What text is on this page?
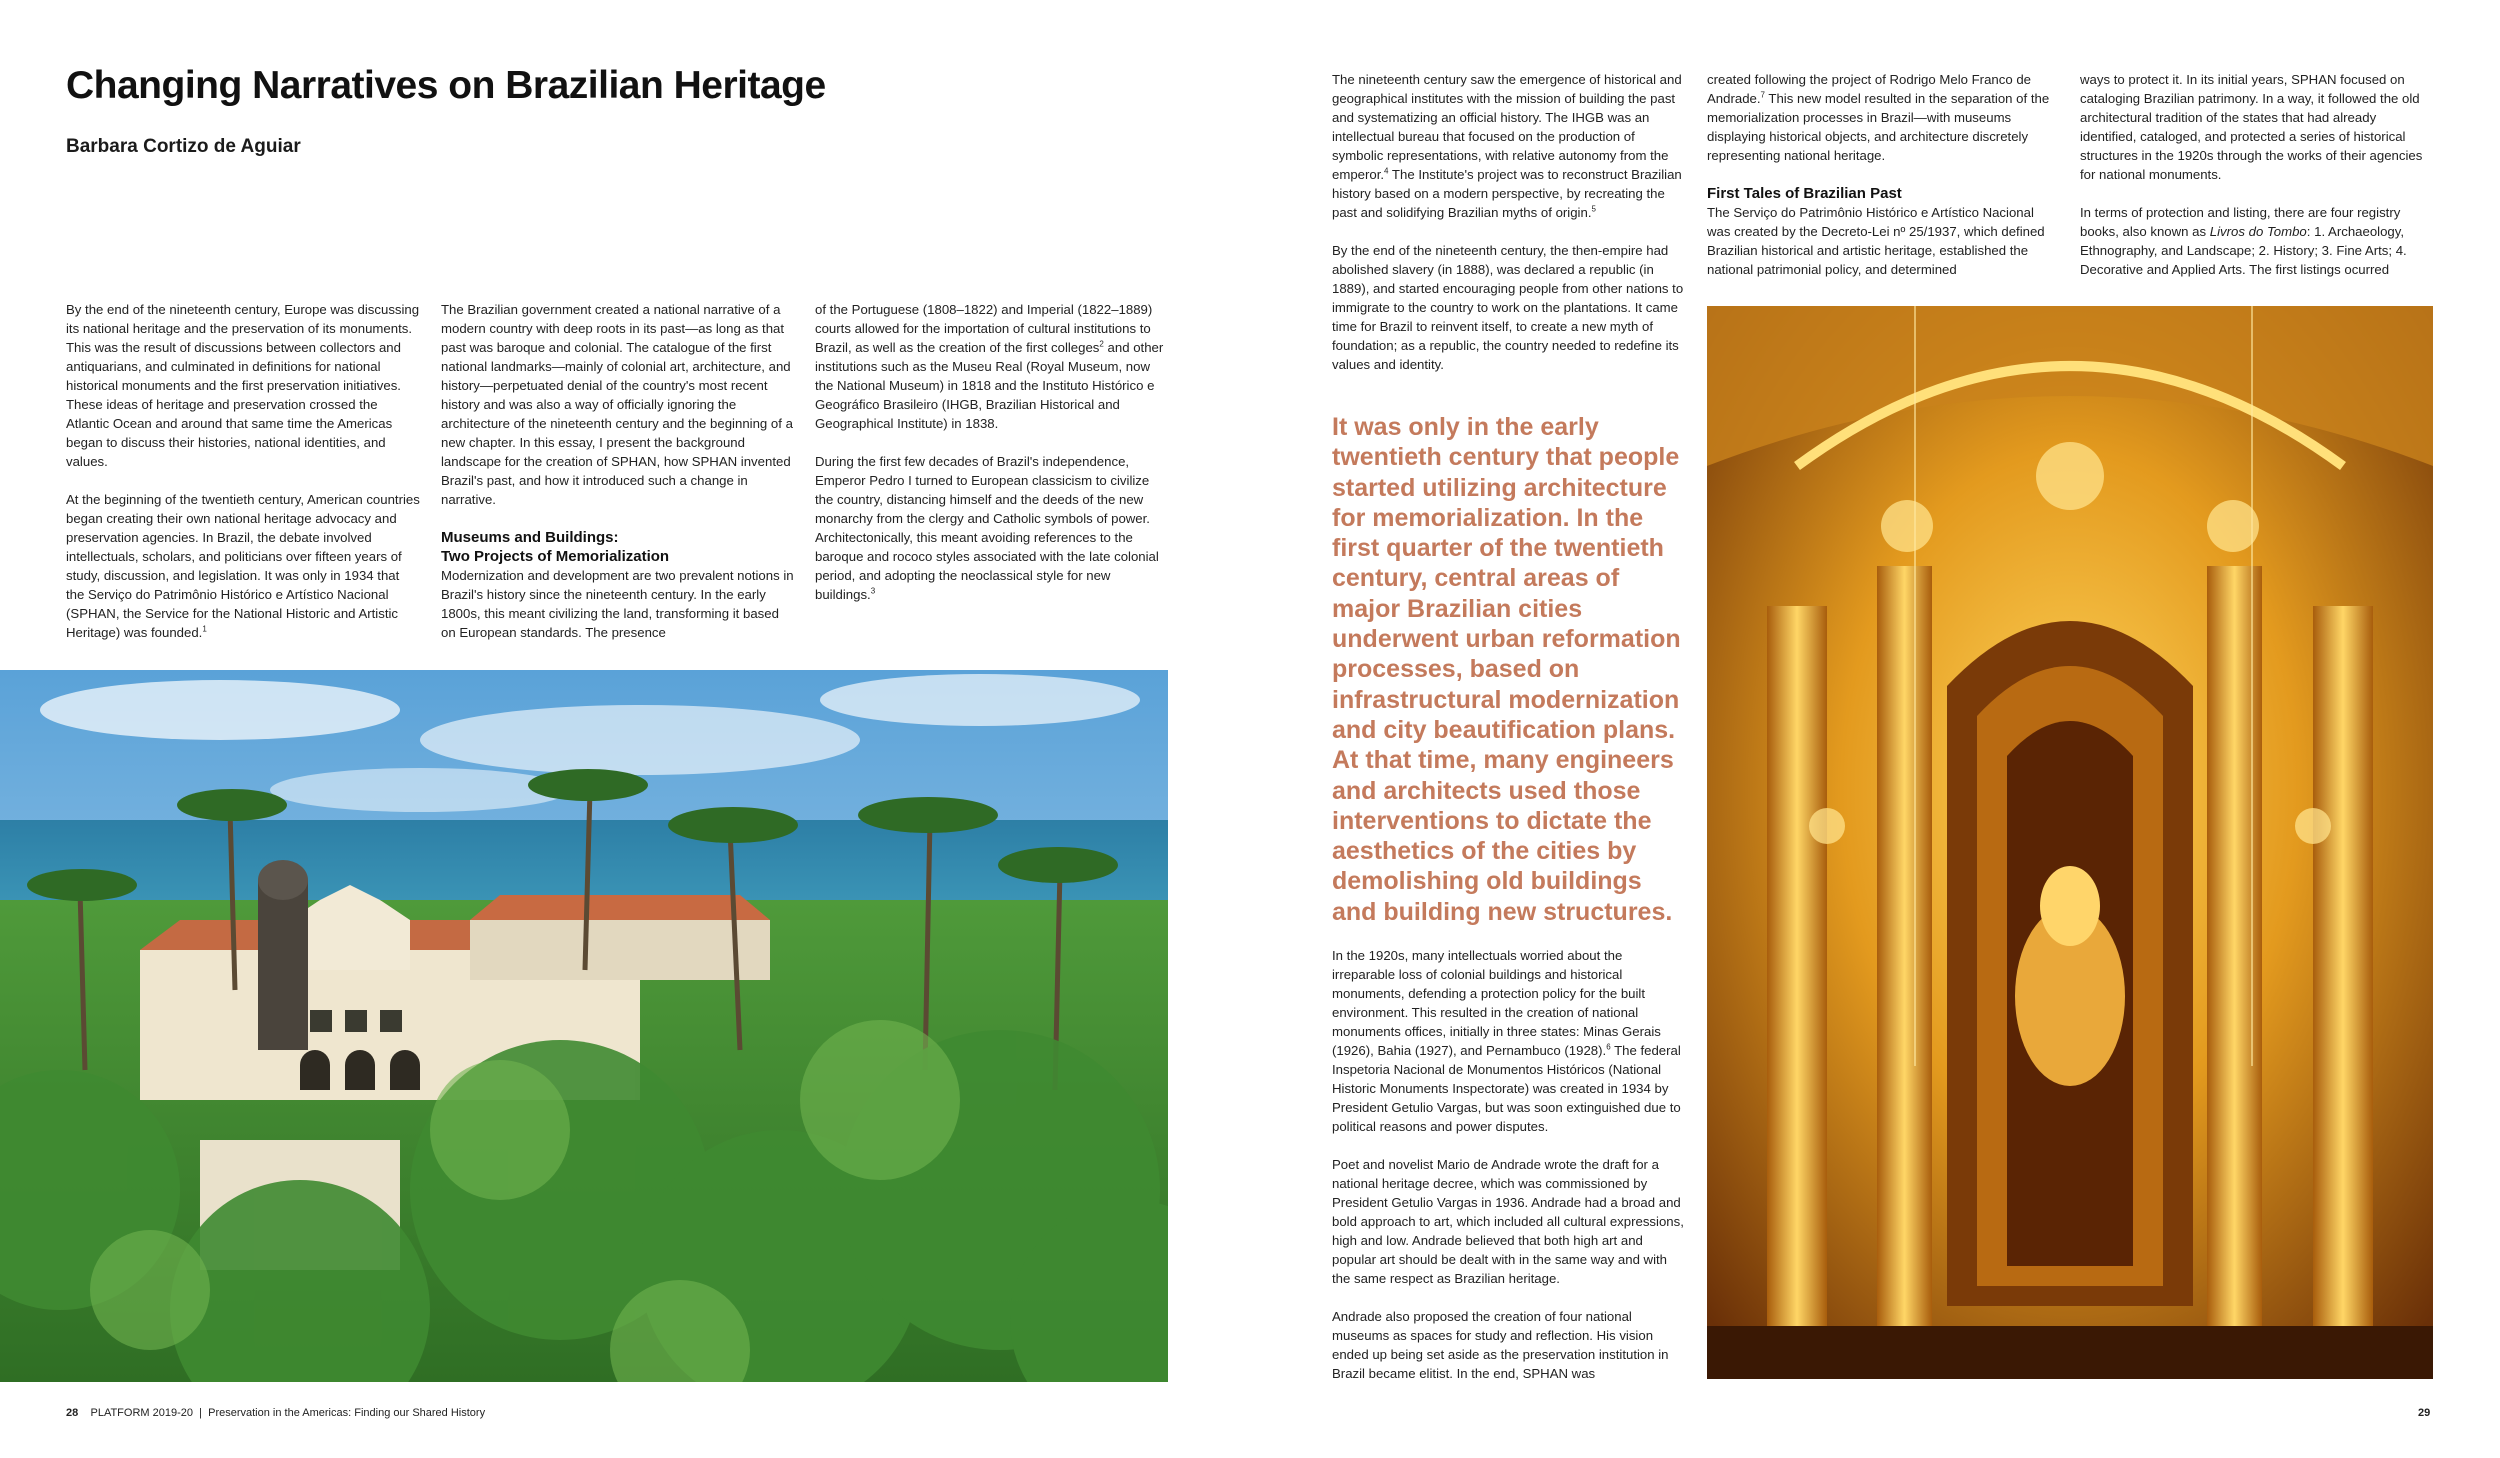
Changing Narratives on Brazilian Heritage
Barbara Cortizo de Aguiar

By the end of the nineteenth century, Europe was discussing its national heritage and the preservation of its monuments. This was the result of discussions between collectors and antiquarians, and culminated in definitions for national historical monuments and the first preservation initiatives. These ideas of heritage and preservation crossed the Atlantic Ocean and around that same time the Americas began to discuss their histories, national identities, and values.

At the beginning of the twentieth century, American countries began creating their own national heritage advocacy and preservation agencies. In Brazil, the debate involved intellectuals, scholars, and politicians over fifteen years of study, discussion, and legislation. It was only in 1934 that the Serviço do Patrimônio Histórico e Artístico Nacional (SPHAN, the Service for the National Historic and Artistic Heritage) was founded.$^1$

The Brazilian government created a national narrative of a modern country with deep roots in its past—as long as that past was baroque and colonial. The catalogue of the first national landmarks—mainly of colonial art, architecture, and history—perpetuated denial of the country's most recent history and was also a way of officially ignoring the architecture of the nineteenth century and the beginning of a new chapter. In this essay, I present the background landscape for the creation of SPHAN, how SPHAN invented Brazil's past, and how it introduced such a change in narrative.

Museums and Buildings:
Two Projects of Memorialization

Modernization and development are two prevalent notions in Brazil's history since the nineteenth century. In the early 1800s, this meant civilizing the land, transforming it based on European standards. The presence

of the Portuguese (1808–1822) and Imperial (1822–1889) courts allowed for the importation of cultural institutions to Brazil, as well as the creation of the first colleges$^2$ and other institutions such as the Museu Real (Royal Museum, now the National Museum) in 1818 and the Instituto Histórico e Geográfico Brasileiro (IHGB, Brazilian Historical and Geographical Institute) in 1838.

During the first few decades of Brazil's independence, Emperor Pedro I turned to European classicism to civilize the country, distancing himself and the deeds of the new monarchy from the clergy and Catholic symbols of power. Architectonically, this meant avoiding references to the baroque and rococo styles associated with the late colonial period, and adopting the neoclassical style for new buildings.$^3$

The nineteenth century saw the emergence of historical and geographical institutes with the mission of building the past and systematizing an official history. The IHGB was an intellectual bureau that focused on the production of symbolic representations, with relative autonomy from the emperor.$^4$ The Institute's project was to reconstruct Brazilian history based on a modern perspective, by recreating the past and solidifying Brazilian myths of origin.$^5$

By the end of the nineteenth century, the then-empire had abolished slavery (in 1888), was declared a republic (in 1889), and started encouraging people from other nations to immigrate to the country to work on the plantations. It came time for Brazil to reinvent itself, to create a new myth of foundation; as a republic, the country needed to redefine its values and identity.

It was only in the early twentieth century that people started utilizing architecture for memorialization. In the first quarter of the twentieth century, central areas of major Brazilian cities underwent urban reformation processes, based on infrastructural modernization and city beautification plans. At that time, many engineers and architects used those interventions to dictate the aesthetics of the cities by demolishing old buildings and building new structures.

In the 1920s, many intellectuals worried about the irreparable loss of colonial buildings and historical monuments, defending a protection policy for the built environment. This resulted in the creation of national monuments offices, initially in three states: Minas Gerais (1926), Bahia (1927), and Pernambuco (1928).$^6$ The federal Inspetoria Nacional de Monumentos Históricos (National Historic Monuments Inspectorate) was created in 1934 by President Getulio Vargas, but was soon extinguished due to political reasons and power disputes.

Poet and novelist Mario de Andrade wrote the draft for a national heritage decree, which was commissioned by President Getulio Vargas in 1936. Andrade had a broad and bold approach to art, which included all cultural expressions, high and low. Andrade believed that both high art and popular art should be dealt with in the same way and with the same respect as Brazilian heritage.

Andrade also proposed the creation of four national museums as spaces for study and reflection. His vision ended up being set aside as the preservation institution in Brazil became elitist. In the end, SPHAN was

created following the project of Rodrigo Melo Franco de Andrade.$^7$ This new model resulted in the separation of the memorialization processes in Brazil—with museums displaying historical objects, and architecture discretely representing national heritage.

First Tales of Brazilian Past

The Serviço do Patrimônio Histórico e Artístico Nacional was created by the Decreto-Lei nº 25/1937, which defined Brazilian historical and artistic heritage, established the national patrimonial policy, and determined

ways to protect it. In its initial years, SPHAN focused on cataloging Brazilian patrimony. In a way, it followed the old architectural tradition of the states that had already identified, cataloged, and protected a series of historical structures in the 1920s through the works of their agencies for national monuments.

In terms of protection and listing, there are four registry books, also known as Livros do Tombo: 1. Archaeology, Ethnography, and Landscape; 2. History; 3. Fine Arts; 4. Decorative and Applied Arts. The first listings ocurred

28 PLATFORM 2019-20 | Preservation in the Americas: Finding our Shared History	29
